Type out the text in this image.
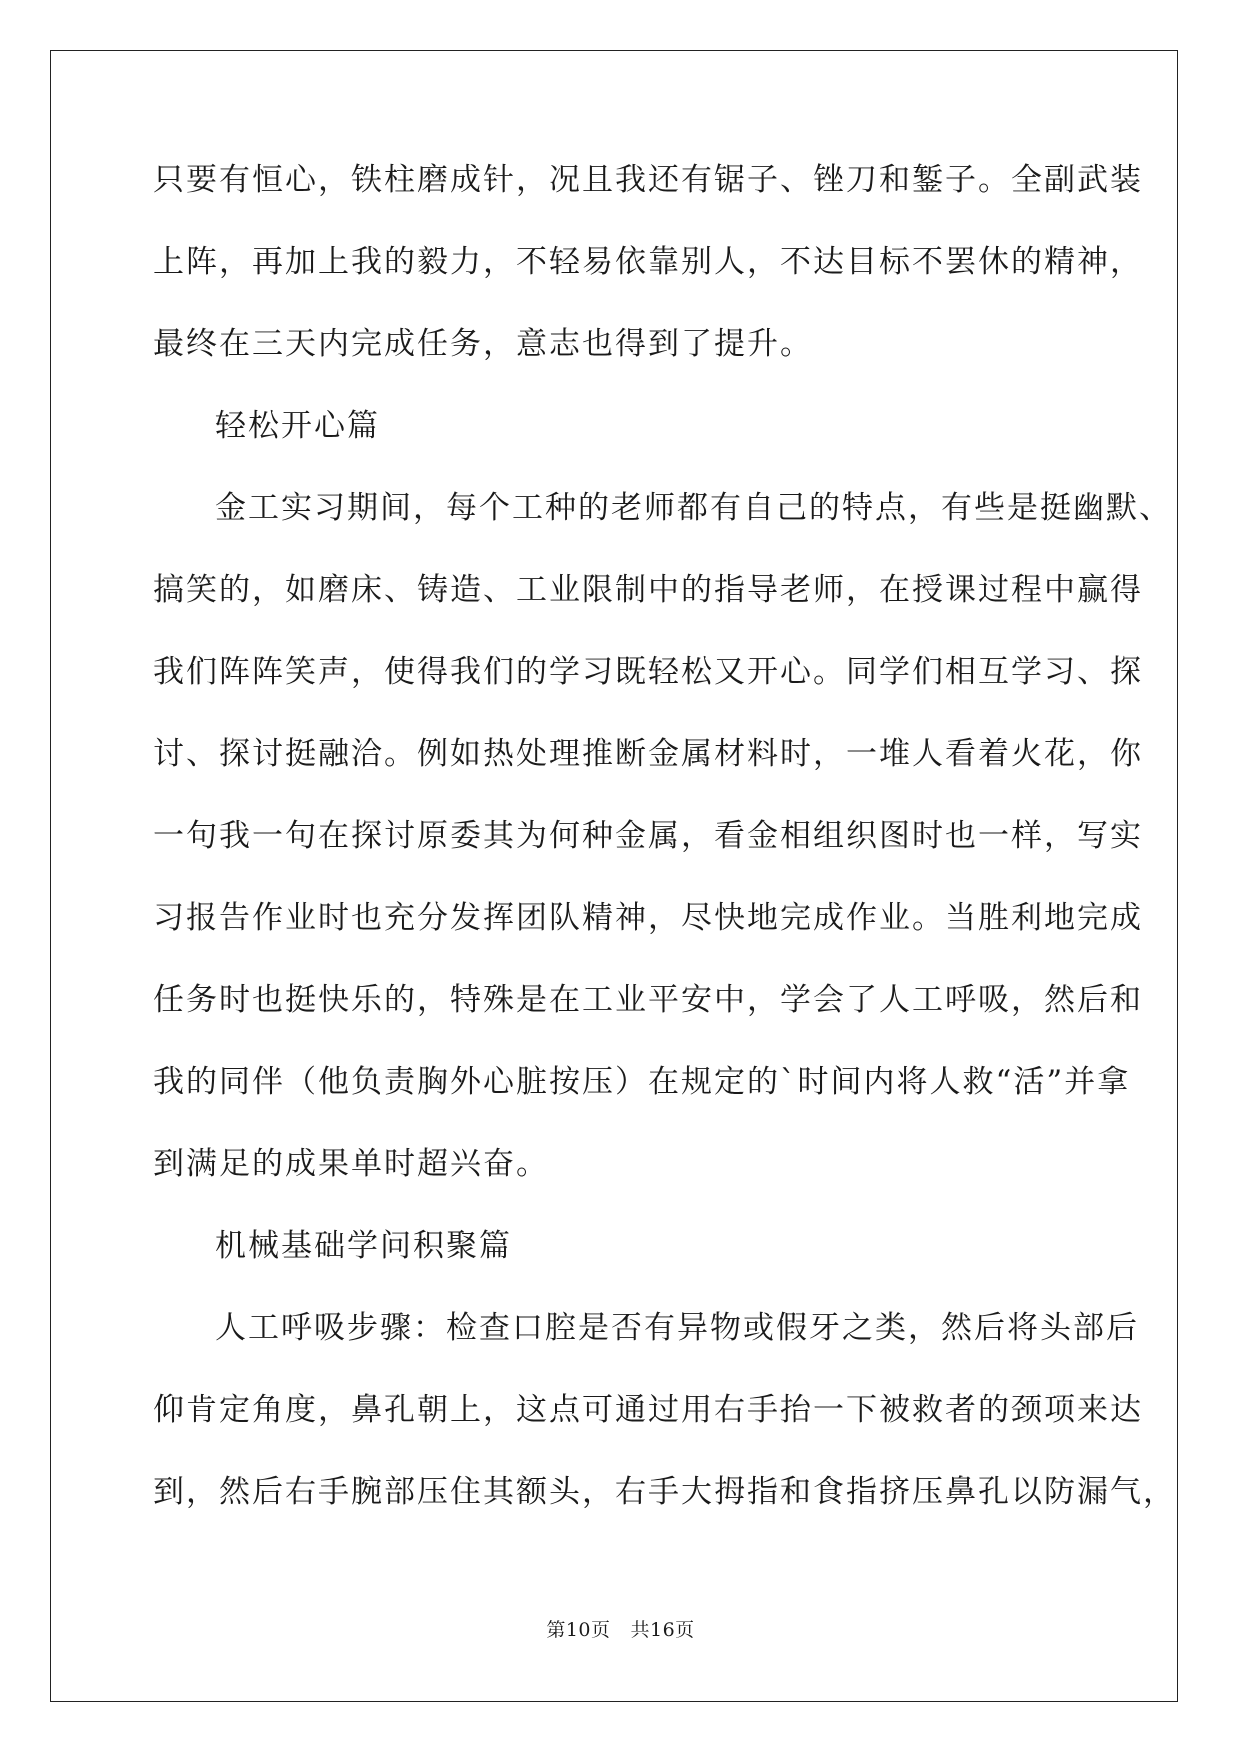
只要有恒心，铁柱磨成针，况且我还有锯子、锉刀和錾子。全副武装
上阵，再加上我的毅力，不轻易依靠别人，不达目标不罢休的精神，
最终在三天内完成任务，意志也得到了提升。
轻松开心篇
金工实习期间，每个工种的老师都有自己的特点，有些是挺幽默、
搞笑的，如磨床、铸造、工业限制中的指导老师，在授课过程中赢得
我们阵阵笑声，使得我们的学习既轻松又开心。同学们相互学习、探
讨、探讨挺融洽。例如热处理推断金属材料时，一堆人看着火花，你
一句我一句在探讨原委其为何种金属，看金相组织图时也一样，写实
习报告作业时也充分发挥团队精神，尽快地完成作业。当胜利地完成
任务时也挺快乐的，特殊是在工业平安中，学会了人工呼吸，然后和
我的同伴（他负责胸外心脏按压）在规定的`时间内将人救“活”并拿
到满足的成果单时超兴奋。
机械基础学问积聚篇
人工呼吸步骤：检查口腔是否有异物或假牙之类，然后将头部后
仰肯定角度，鼻孔朝上，这点可通过用右手抬一下被救者的颈项来达
到，然后右手腕部压住其额头，右手大拇指和食指挤压鼻孔以防漏气，
第10页 共16页
